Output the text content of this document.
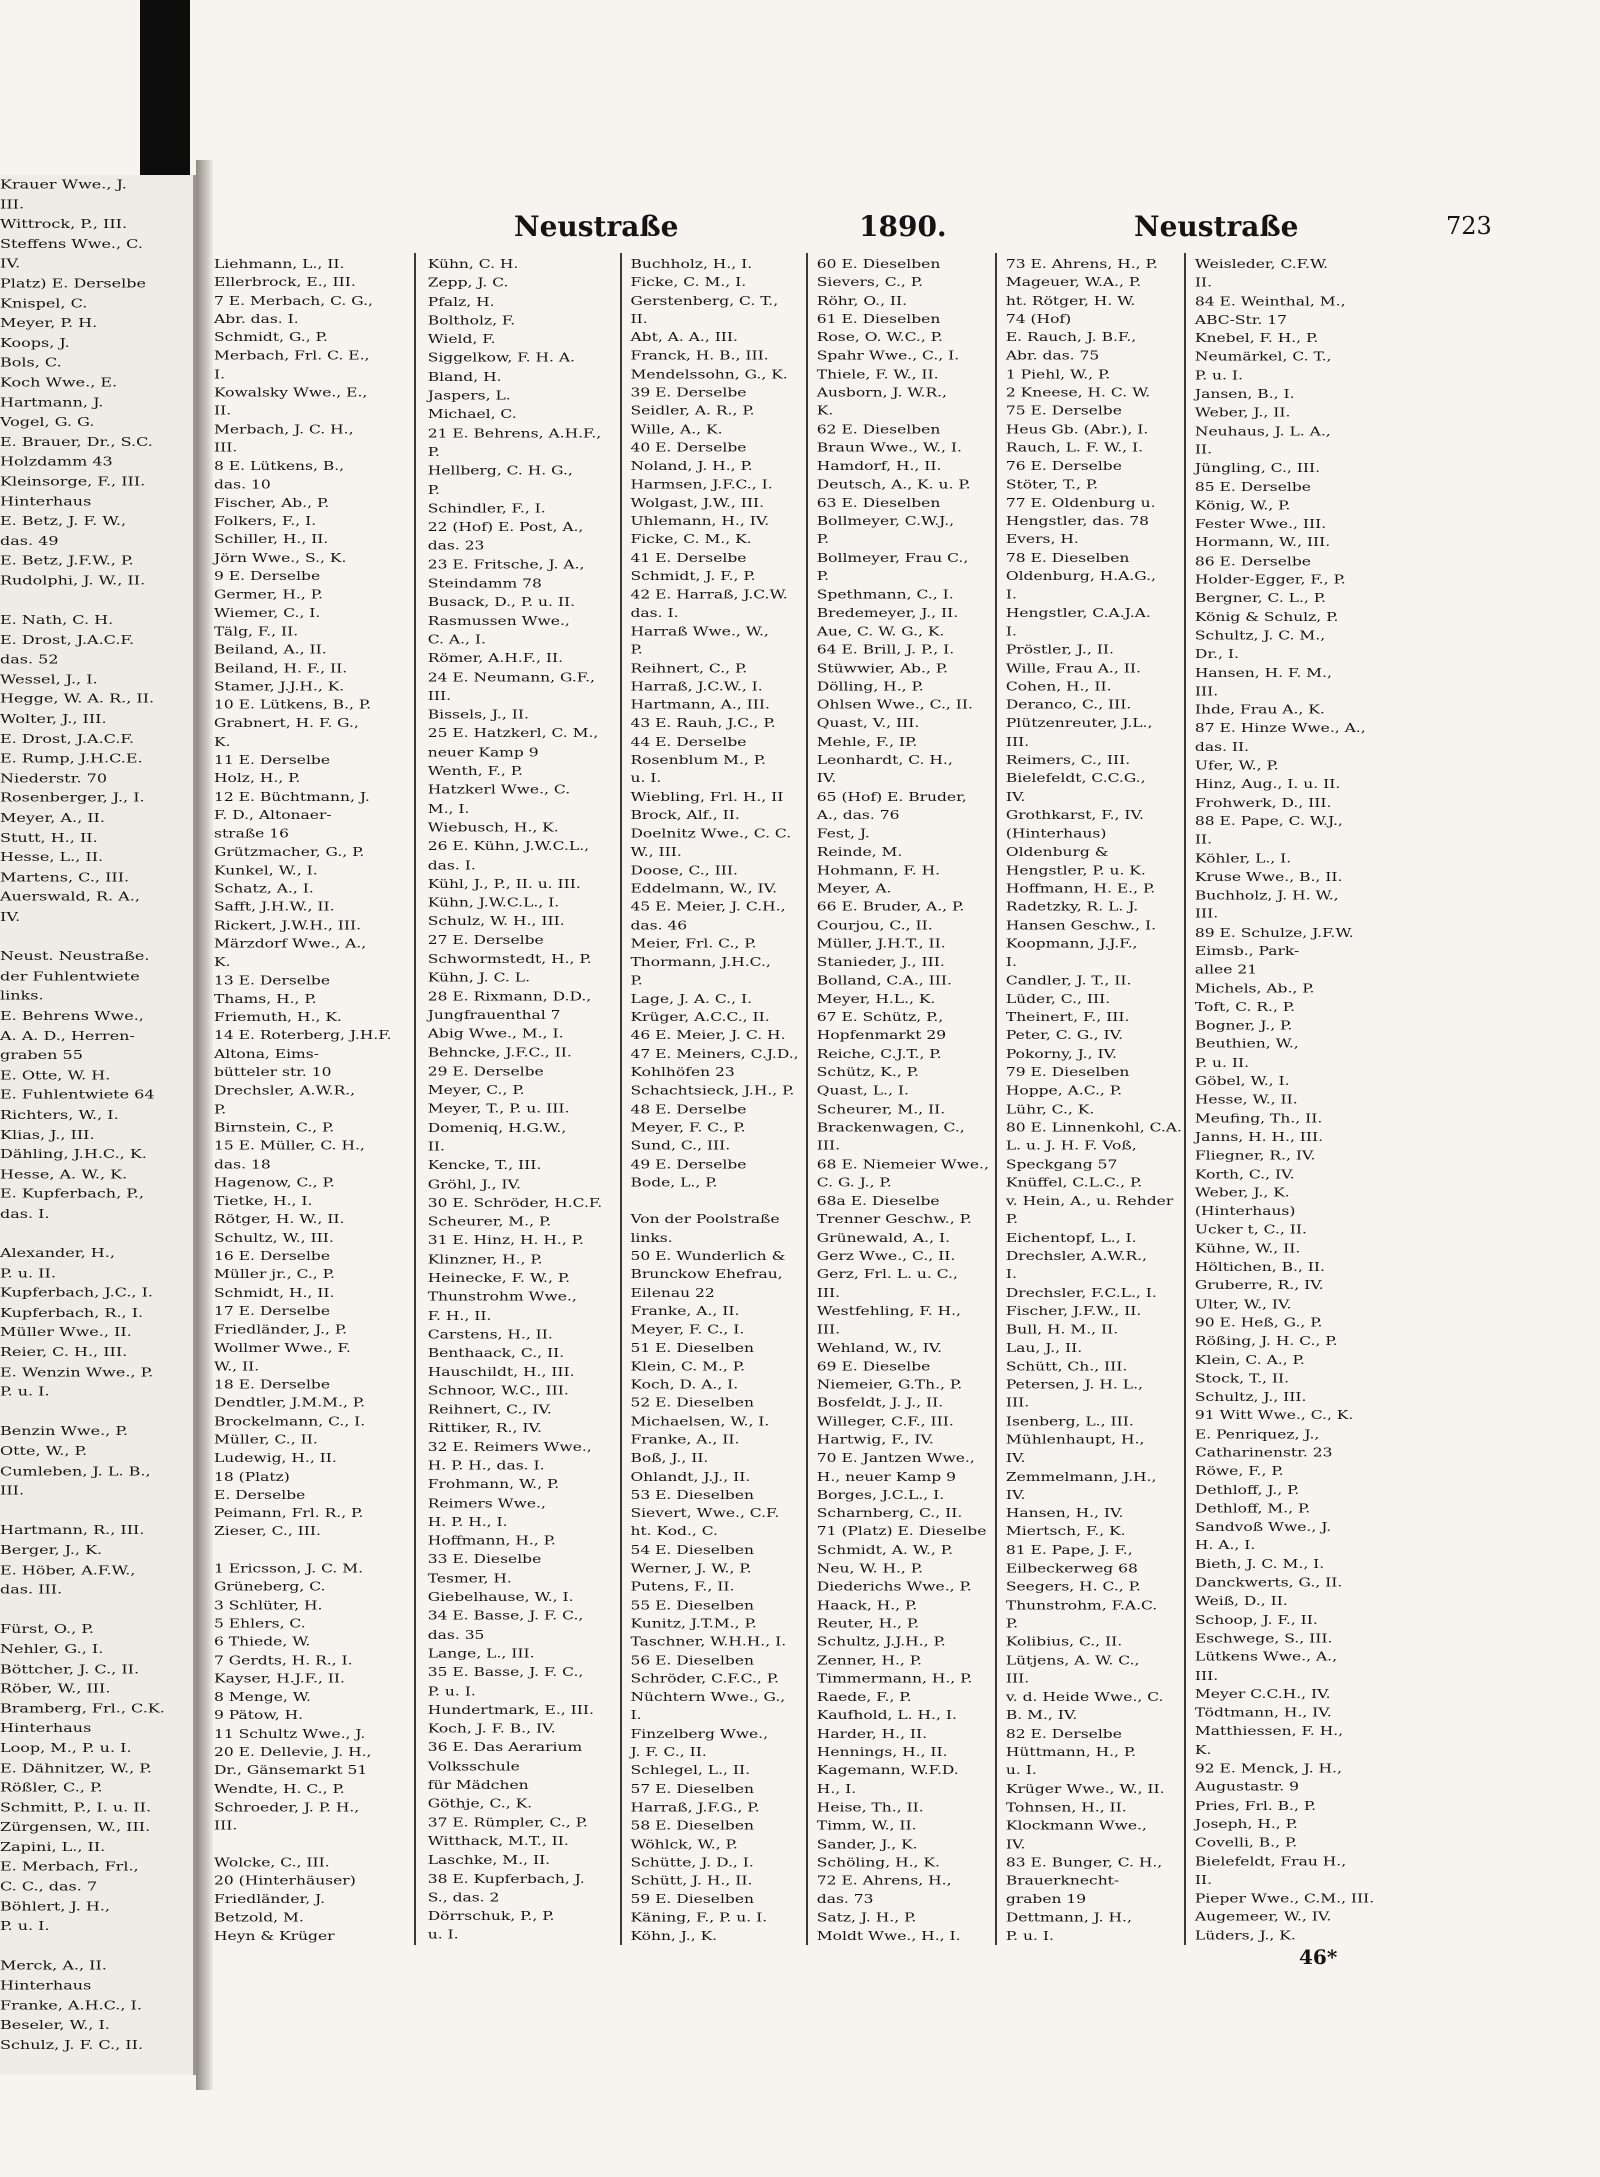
Krauer Wwe., J.
III.
Wittrock, P., III.
Steffens Wwe., C.
IV.
Platz) E. Derselbe
Knispel, C.
Meyer, P. H.
Koops, J.
Bols, C.
Koch Wwe., E.
Hartmann, J.
Vogel, G. G.
E. Brauer, Dr., S.C.
Holzdamm 43
Kleinsorge, F., III.
Hinterhaus
E. Betz, J. F. W.,
das. 49
E. Betz, J.F.W., P.
Rudolphi, J. W., II.

E. Nath, C. H.
E. Drost, J.A.C.F.
das. 52
Wessel, J., I.
Hegge, W. A. R., II.
Wolter, J., III.
E. Drost, J.A.C.F.
E. Rump, J.H.C.E.
Niederstr. 70
Rosenberger, J., I.
Meyer, A., II.
Stutt, H., II.
Hesse, L., II.
Martens, C., III.
Auerswald, R. A.,
IV.

Neust. Neustraße.
der Fuhlentwiete
links.
E. Behrens Wwe.,
A. A. D., Herren-
graben 55
E. Otte, W. H.
E. Fuhlentwiete 64
Richters, W., I.
Klias, J., III.
Dähling, J.H.C., K.
Hesse, A. W., K.
E. Kupferbach, P.,
das. I.

Alexander, H.,
P. u. II.
Kupferbach, J.C., I.
Kupferbach, R., I.
Müller Wwe., II.
Reier, C. H., III.
E. Wenzin Wwe., P.
P. u. I.

Benzin Wwe., P.
Otte, W., P.
Cumleben, J. L. B.,
III.

Hartmann, R., III.
Berger, J., K.
E. Höber, A.F.W.,
das. III.

Fürst, O., P.
Nehler, G., I.
Böttcher, J. C., II.
Röber, W., III.
Bramberg, Frl., C.K.
Hinterhaus
Loop, M., P. u. I.
E. Dähnitzer, W., P.
Rößler, C., P.
Schmitt, P., I. u. II.
Zürgensen, W., III.
Zapini, L., II.
E. Merbach, Frl.,
C. C., das. 7
Böhlert, J. H.,
P. u. I.

Merck, A., II.
Hinterhaus
Franke, A.H.C., I.
Beseler, W., I.
Schulz, J. F. C., II.
Neustraße	1890.	Neustraße	723
Liehmann, L., II.
Ellerbrock, E., III.
7 E. Merbach, C. G.,
Abr. das. I.
Schmidt, G., P.
Merbach, Frl. C. E.,
I.
Kowalsky Wwe., E.,
II.
Merbach, J. C. H.,
III.
8 E. Lütkens, B.,
das. 10
Fischer, Ab., P.
Folkers, F., I.
Schiller, H., II.
Jörn Wwe., S., K.
9 E. Derselbe
Germer, H., P.
Wiemer, C., I.
Tälg, F., II.
Beiland, A., II.
Beiland, H. F., II.
Stamer, J.J.H., K.
10 E. Lütkens, B., P.
Grabnert, H. F. G.,
K.
11 E. Derselbe
Holz, H., P.
12 E. Büchtmann, J.
F. D., Altonaer-
straße 16
Grützmacher, G., P.
Kunkel, W., I.
Schatz, A., I.
Safft, J.H.W., II.
Rickert, J.W.H., III.
Märzdorf Wwe., A.,
K.
13 E. Derselbe
Thams, H., P.
Friemuth, H., K.
14 E. Roterberg, J.H.F.
Altona, Eims-
bütteler str. 10
Drechsler, A.W.R.,
P.
Birnstein, C., P.
15 E. Müller, C. H.,
das. 18
Hagenow, C., P.
Tietke, H., I.
Rötger, H. W., II.
Schultz, W., III.
16 E. Derselbe
Müller jr., C., P.
Schmidt, H., II.
17 E. Derselbe
Friedländer, J., P.
Wollmer Wwe., F.
W., II.
18 E. Derselbe
Dendtler, J.M.M., P.
Brockelmann, C., I.
Müller, C., II.
Ludewig, H., II.
18 (Platz)
E. Derselbe
Peimann, Frl. R., P.
Zieser, C., III.

1 Ericsson, J. C. M.
Grüneberg, C.
3 Schlüter, H.
5 Ehlers, C.
6 Thiede, W.
7 Gerdts, H. R., I.
Kayser, H.J.F., II.
8 Menge, W.
9 Pätow, H.
11 Schultz Wwe., J.
20 E. Dellevie, J. H.,
Dr., Gänsemarkt 51
Wendte, H. C., P.
Schroeder, J. P. H.,
III.

Wolcke, C., III.
20 (Hinterhäuser)
Friedländer, J.
Betzold, M.
Heyn & Krüger
Kühn, C. H.
Zepp, J. C.
Pfalz, H.
Boltholz, F.
Wield, F.
Siggelkow, F. H. A.
Bland, H.
Jaspers, L.
Michael, C.
21 E. Behrens, A.H.F.,
P.
Hellberg, C. H. G.,
P.
Schindler, F., I.
22 (Hof) E. Post, A.,
das. 23
23 E. Fritsche, J. A.,
Steindamm 78
Busack, D., P. u. II.
Rasmussen Wwe.,
C. A., I.
Römer, A.H.F., II.
24 E. Neumann, G.F.,
III.
Bissels, J., II.
25 E. Hatzkerl, C. M.,
neuer Kamp 9
Wenth, F., P.
Hatzkerl Wwe., C.
M., I.
Wiebusch, H., K.
26 E. Kühn, J.W.C.L.,
das. I.
Kühl, J., P., II. u. III.
Kühn, J.W.C.L., I.
Schulz, W. H., III.
27 E. Derselbe
Schwormstedt, H., P.
Kühn, J. C. L.
28 E. Rixmann, D.D.,
Jungfrauenthal 7
Abig Wwe., M., I.
Behncke, J.F.C., II.
29 E. Derselbe
Meyer, C., P.
Meyer, T., P. u. III.
Domeniq, H.G.W.,
II.
Kencke, T., III.
Gröhl, J., IV.
30 E. Schröder, H.C.F.
Scheurer, M., P.
31 E. Hinz, H. H., P.
Klinzner, H., P.
Heinecke, F. W., P.
Thunstrohm Wwe.,
F. H., II.
Carstens, H., II.
Benthaack, C., II.
Hauschildt, H., III.
Schnoor, W.C., III.
Reihnert, C., IV.
Rittiker, R., IV.
32 E. Reimers Wwe.,
H. P. H., das. I.
Frohmann, W., P.
Reimers Wwe.,
H. P. H., I.
Hoffmann, H., P.
33 E. Dieselbe
Tesmer, H.
Giebelhause, W., I.
34 E. Basse, J. F. C.,
das. 35
Lange, L., III.
35 E. Basse, J. F. C.,
P. u. I.
Hundertmark, E., III.
Koch, J. F. B., IV.
36 E. Das Aerarium
Volksschule
für Mädchen
Göthje, C., K.
37 E. Rümpler, C., P.
Witthack, M.T., II.
Laschke, M., II.
38 E. Kupferbach, J.
S., das. 2
Dörrschuk, P., P.
u. I.
Buchholz, H., I.
Ficke, C. M., I.
Gerstenberg, C. T.,
II.
Abt, A. A., III.
Franck, H. B., III.
Mendelssohn, G., K.
39 E. Derselbe
Seidler, A. R., P.
Wille, A., K.
40 E. Derselbe
Noland, J. H., P.
Harmsen, J.F.C., I.
Wolgast, J.W., III.
Uhlemann, H., IV.
Ficke, C. M., K.
41 E. Derselbe
Schmidt, J. F., P.
42 E. Harraß, J.C.W.
das. I.
Harraß Wwe., W.,
P.
Reihnert, C., P.
Harraß, J.C.W., I.
Hartmann, A., III.
43 E. Rauh, J.C., P.
44 E. Derselbe
Rosenblum M., P.
u. I.
Wiebling, Frl. H., II
Brock, Alf., II.
Doelnitz Wwe., C. C.
W., III.
Doose, C., III.
Eddelmann, W., IV.
45 E. Meier, J. C.H.,
das. 46
Meier, Frl. C., P.
Thormann, J.H.C.,
P.
Lage, J. A. C., I.
Krüger, A.C.C., II.
46 E. Meier, J. C. H.
47 E. Meiners, C.J.D.,
Kohlhöfen 23
Schachtsieck, J.H., P.
48 E. Derselbe
Meyer, F. C., P.
Sund, C., III.
49 E. Derselbe
Bode, L., P.

Von der Poolstraße
links.
50 E. Wunderlich &
Brunckow Ehefrau,
Eilenau 22
Franke, A., II.
Meyer, F. C., I.
51 E. Dieselben
Klein, C. M., P.
Koch, D. A., I.
52 E. Dieselben
Michaelsen, W., I.
Franke, A., II.
Boß, J., II.
Ohlandt, J.J., II.
53 E. Dieselben
Sievert, Wwe., C.F.
ht. Kod., C.
54 E. Dieselben
Werner, J. W., P.
Putens, F., II.
55 E. Dieselben
Kunitz, J.T.M., P.
Taschner, W.H.H., I.
56 E. Dieselben
Schröder, C.F.C., P.
Nüchtern Wwe., G.,
I.
Finzelberg Wwe.,
J. F. C., II.
Schlegel, L., II.
57 E. Dieselben
Harraß, J.F.G., P.
58 E. Dieselben
Wöhlck, W., P.
Schütte, J. D., I.
Schütt, J. H., II.
59 E. Dieselben
Käning, F., P. u. I.
Köhn, J., K.
60 E. Dieselben
Sievers, C., P.
Röhr, O., II.
61 E. Dieselben
Rose, O. W.C., P.
Spahr Wwe., C., I.
Thiele, F. W., II.
Ausborn, J. W.R.,
K.
62 E. Dieselben
Braun Wwe., W., I.
Hamdorf, H., II.
Deutsch, A., K. u. P.
63 E. Dieselben
Bollmeyer, C.W.J.,
P.
Bollmeyer, Frau C.,
P.
Spethmann, C., I.
Bredemeyer, J., II.
Aue, C. W. G., K.
64 E. Brill, J. P., I.
Stüwwier, Ab., P.
Dölling, H., P.
Ohlsen Wwe., C., II.
Quast, V., III.
Mehle, F., IP.
Leonhardt, C. H.,
IV.
65 (Hof) E. Bruder,
A., das. 76
Fest, J.
Reinde, M.
Hohmann, F. H.
Meyer, A.
66 E. Bruder, A., P.
Courjou, C., II.
Müller, J.H.T., II.
Stanieder, J., III.
Bolland, C.A., III.
Meyer, H.L., K.
67 E. Schütz, P.,
Hopfenmarkt 29
Reiche, C.J.T., P.
Schütz, K., P.
Quast, L., I.
Scheurer, M., II.
Brackenwagen, C.,
III.
68 E. Niemeier Wwe.,
C. G. J., P.
68a E. Dieselbe
Trenner Geschw., P.
Grünewald, A., I.
Gerz Wwe., C., II.
Gerz, Frl. L. u. C.,
III.
Westfehling, F. H.,
III.
Wehland, W., IV.
69 E. Dieselbe
Niemeier, G.Th., P.
Bosfeldt, J. J., II.
Willeger, C.F., III.
Hartwig, F., IV.
70 E. Jantzen Wwe.,
H., neuer Kamp 9
Borges, J.C.L., I.
Scharnberg, C., II.
71 (Platz) E. Dieselbe
Schmidt, A. W., P.
Neu, W. H., P.
Diederichs Wwe., P.
Haack, H., P.
Reuter, H., P.
Schultz, J.J.H., P.
Zenner, H., P.
Timmermann, H., P.
Raede, F., P.
Kaufhold, L. H., I.
Harder, H., II.
Hennings, H., II.
Kagemann, W.F.D.
H., I.
Heise, Th., II.
Timm, W., II.
Sander, J., K.
Schöling, H., K.
72 E. Ahrens, H.,
das. 73
Satz, J. H., P.
Moldt Wwe., H., I.
73 E. Ahrens, H., P.
Mageuer, W.A., P.
ht. Rötger, H. W.
74 (Hof)
E. Rauch, J. B.F.,
Abr. das. 75
1 Piehl, W., P.
2 Kneese, H. C. W.
75 E. Derselbe
Heus Gb. (Abr.), I.
Rauch, L. F. W., I.
76 E. Derselbe
Stöter, T., P.
77 E. Oldenburg u.
Hengstler, das. 78
Evers, H.
78 E. Dieselben
Oldenburg, H.A.G.,
I.
Hengstler, C.A.J.A.
I.
Pröstler, J., II.
Wille, Frau A., II.
Cohen, H., II.
Deranco, C., III.
Plützenreuter, J.L.,
III.
Reimers, C., III.
Bielefeldt, C.C.G.,
IV.
Grothkarst, F., IV.
(Hinterhaus)
Oldenburg &
Hengstler, P. u. K.
Hoffmann, H. E., P.
Radetzky, R. L. J.
Hansen Geschw., I.
Koopmann, J.J.F.,
I.
Candler, J. T., II.
Lüder, C., III.
Theinert, F., III.
Peter, C. G., IV.
Pokorny, J., IV.
79 E. Dieselben
Hoppe, A.C., P.
Lühr, C., K.
80 E. Linnenkohl, C.A.
L. u. J. H. F. Voß,
Speckgang 57
Knüffel, C.L.C., P.
v. Hein, A., u. Rehder
P.
Eichentopf, L., I.
Drechsler, A.W.R.,
I.
Drechsler, F.C.L., I.
Fischer, J.F.W., II.
Bull, H. M., II.
Lau, J., II.
Schütt, Ch., III.
Petersen, J. H. L.,
III.
Isenberg, L., III.
Mühlenhaupt, H.,
IV.
Zemmelmann, J.H.,
IV.
Hansen, H., IV.
Miertsch, F., K.
81 E. Pape, J. F.,
Eilbeckerweg 68
Seegers, H. C., P.
Thunstrohm, F.A.C.
P.
Kolibius, C., II.
Lütjens, A. W. C.,
III.
v. d. Heide Wwe., C.
B. M., IV.
82 E. Derselbe
Hüttmann, H., P.
u. I.
Krüger Wwe., W., II.
Tohnsen, H., II.
Klockmann Wwe.,
IV.
83 E. Bunger, C. H.,
Brauerknecht-
graben 19
Dettmann, J. H.,
P. u. I.
Weisleder, C.F.W.
II.
84 E. Weinthal, M.,
ABC-Str. 17
Knebel, F. H., P.
Neumärkel, C. T.,
P. u. I.
Jansen, B., I.
Weber, J., II.
Neuhaus, J. L. A.,
II.
Jüngling, C., III.
85 E. Derselbe
König, W., P.
Fester Wwe., III.
Hormann, W., III.
86 E. Derselbe
Holder-Egger, F., P.
Bergner, C. L., P.
König & Schulz, P.
Schultz, J. C. M.,
Dr., I.
Hansen, H. F. M.,
III.
Ihde, Frau A., K.
87 E. Hinze Wwe., A.,
das. II.
Ufer, W., P.
Hinz, Aug., I. u. II.
Frohwerk, D., III.
88 E. Pape, C. W.J.,
II.
Köhler, L., I.
Kruse Wwe., B., II.
Buchholz, J. H. W.,
III.
89 E. Schulze, J.F.W.
Eimsb., Park-
allee 21
Michels, Ab., P.
Toft, C. R., P.
Bogner, J., P.
Beuthien, W.,
P. u. II.
Göbel, W., I.
Hesse, W., II.
Meufing, Th., II.
Janns, H. H., III.
Fliegner, R., IV.
Korth, C., IV.
Weber, J., K.
(Hinterhaus)
Ucker t, C., II.
Kühne, W., II.
Höltichen, B., II.
Gruberre, R., IV.
Ulter, W., IV.
90 E. Heß, G., P.
Rößing, J. H. C., P.
Klein, C. A., P.
Stock, T., II.
Schultz, J., III.
91 Witt Wwe., C., K.
E. Penriquez, J.,
Catharinenstr. 23
Röwe, F., P.
Dethloff, J., P.
Dethloff, M., P.
Sandvoß Wwe., J.
H. A., I.
Bieth, J. C. M., I.
Danckwerts, G., II.
Weiß, D., II.
Schoop, J. F., II.
Eschwege, S., III.
Lütkens Wwe., A.,
III.
Meyer C.C.H., IV.
Tödtmann, H., IV.
Matthiessen, F. H.,
K.
92 E. Menck, J. H.,
Augustastr. 9
Pries, Frl. B., P.
Joseph, H., P.
Covelli, B., P.
Bielefeldt, Frau H.,
II.
Pieper Wwe., C.M., III.
Augemeer, W., IV.
Lüders, J., K.
46*
